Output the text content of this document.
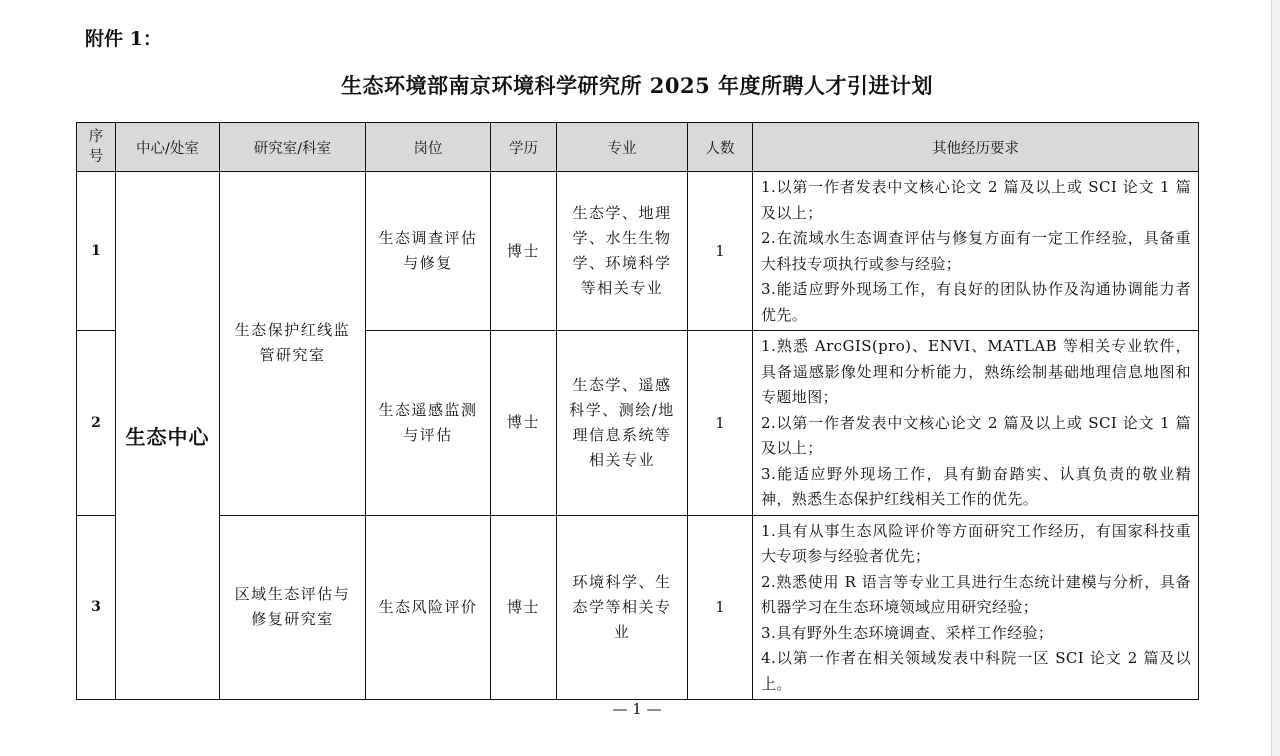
附件 1：
生态环境部南京环境科学研究所 2025 年度所聘人才引进计划
序
号	中心/处室	研究室/科室	岗位	学历	专业	人数	其他经历要求
1	生态中心	生态保护红线监管研究室	生态调查评估与修复	博士	生态学、地理学、水生生物学、环境科学等相关专业	1	1.以第一作者发表中文核心论文 2 篇及以上或 SCI 论文 1 篇及以上；
2.在流域水生态调查评估与修复方面有一定工作经验，具备重大科技专项执行或参与经验；
3.能适应野外现场工作，有良好的团队协作及沟通协调能力者优先。

2			生态遥感监测与评估	博士	生态学、遥感科学、测绘/地理信息系统等相关专业	1	1.熟悉 ArcGIS(pro)、ENVI、MATLAB 等相关专业软件，具备遥感影像处理和分析能力，熟练绘制基础地理信息地图和专题地图；
2.以第一作者发表中文核心论文 2 篇及以上或 SCI 论文 1 篇及以上；
3.能适应野外现场工作，具有勤奋踏实、认真负责的敬业精神，熟悉生态保护红线相关工作的优先。

3		区域生态评估与修复研究室	生态风险评价	博士	环境科学、生态学等相关专业	1	1.具有从事生态风险评价等方面研究工作经历，有国家科技重大专项参与经验者优先；
2.熟悉使用 R 语言等专业工具进行生态统计建模与分析，具备机器学习在生态环境领域应用研究经验；
3.具有野外生态环境调查、采样工作经验；
4.以第一作者在相关领域发表中科院一区 SCI 论文 2 篇及以上。
— 1 —
